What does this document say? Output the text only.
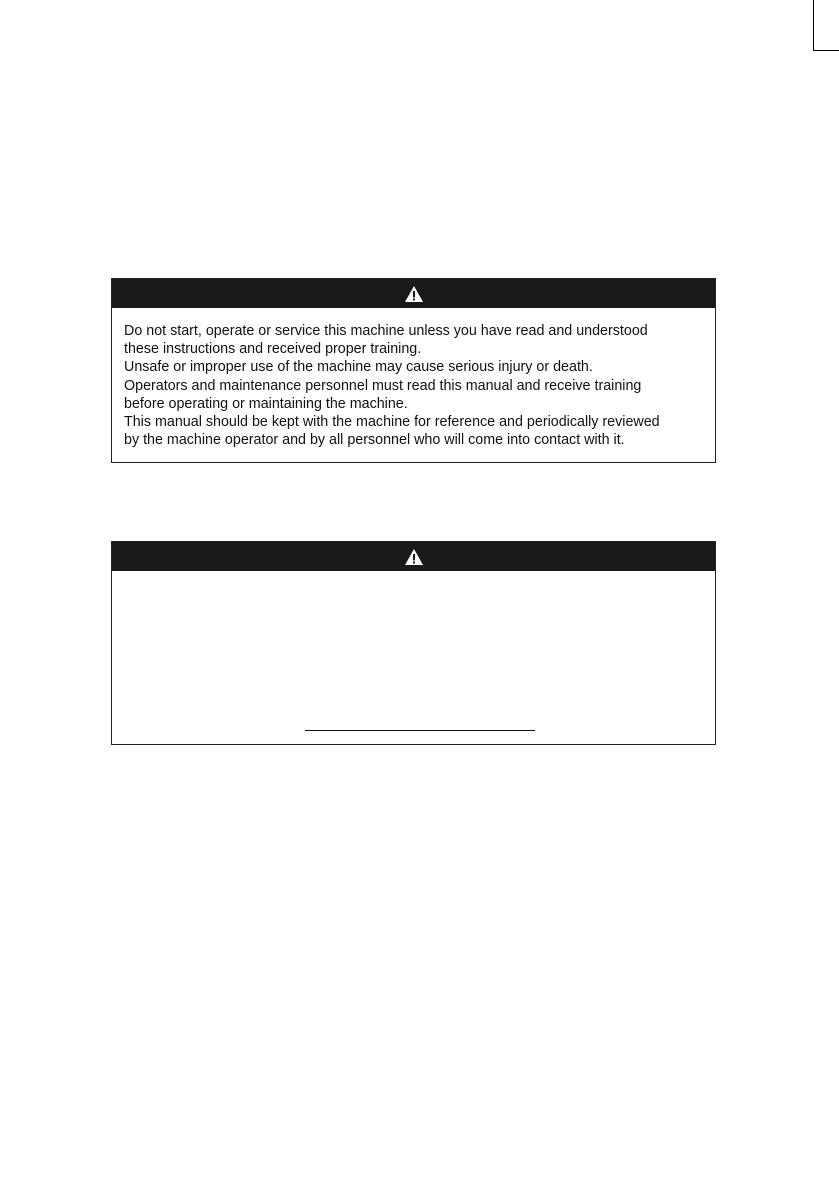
Do not start, operate or service this machine unless you have read and understood
these instructions and received proper training.
Unsafe or improper use of the machine may cause serious injury or death.
Operators and maintenance personnel must read this manual and receive training
before operating or maintaining the machine.
This manual should be kept with the machine for reference and periodically reviewed
by the machine operator and by all personnel who will come into contact with it.
